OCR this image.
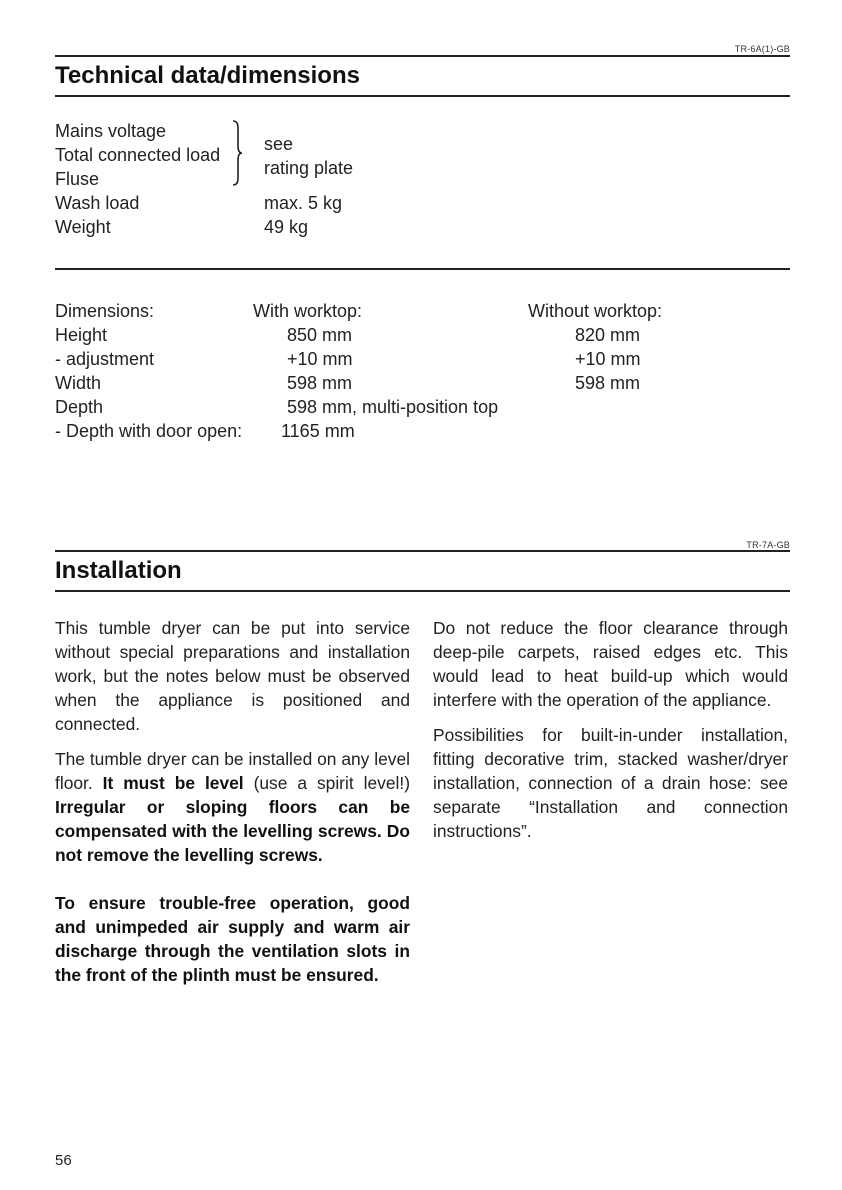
TR-6A(1)-GB
Technical data/dimensions
Mains voltage
Total connected load
Fluse
see
rating plate
Wash load	max. 5 kg
Weight	49 kg
Dimensions:	With worktop:	Without worktop:
Height	850 mm	820 mm
- adjustment	+10 mm	+10 mm
Width	598 mm	598 mm
Depth	598 mm, multi-position top
- Depth with door open: 1165 mm
TR-7A-GB
Installation
This tumble dryer can be put into service without special preparations and installation work, but the notes below must be observed when the appliance is positioned and connected.
The tumble dryer can be installed on any level floor. It must be level (use a spirit level!) Irregular or sloping floors can be compensated with the levelling screws. Do not remove the levelling screws.
To ensure trouble-free operation, good and unimpeded air supply and warm air discharge through the ventilation slots in the front of the plinth must be ensured.
Do not reduce the floor clearance through deep-pile carpets, raised edges etc. This would lead to heat build-up which would interfere with the operation of the appliance.
Possibilities for built-in-under installation, fitting decorative trim, stacked washer/dryer installation, connection of a drain hose: see separate “Installation and connection instructions”.
56
